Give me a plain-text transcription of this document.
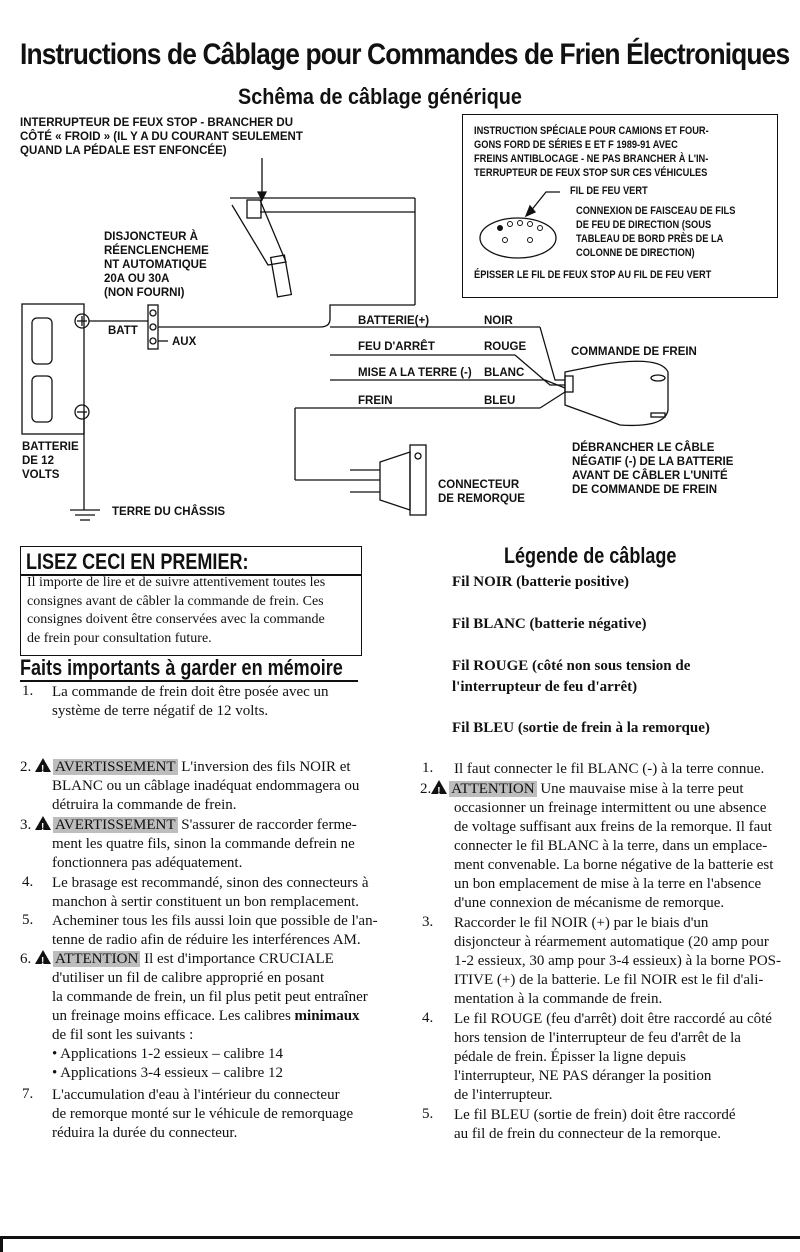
Instructions de Câblage pour Commandes de Frien Électroniques
Schêma de câblage générique
INTERRUPTEUR DE FEUX STOP - BRANCHER DU
CÔTÉ « FROID » (IL Y A DU COURANT SEULEMENT
QUAND LA PÉDALE EST ENFONCÉE)
DISJONCTEUR À
RÉENCLENCHEME
NT AUTOMATIQUE
20A OU 30A
(NON FOURNI)
BATT
AUX
BATTERIE
DE 12
VOLTS
TERRE DU CHÂSSIS
BATTERIE(+)	NOIR
FEU D'ARRÊT	ROUGE
MISE A LA TERRE (-) BLANC
FREIN	BLEU
COMMANDE DE FREIN
DÉBRANCHER LE CÂBLE
NÉGATIF (-) DE LA BATTERIE
AVANT DE CÂBLER L'UNITÉ
DE COMMANDE DE FREIN
CONNECTEUR
DE REMORQUE
INSTRUCTION SPÉCIALE POUR CAMIONS ET FOUR-
GONS FORD DE SÉRIES E ET F 1989-91 AVEC
FREINS ANTIBLOCAGE - NE PAS BRANCHER À L'IN-
TERRUPTEUR DE FEUX STOP SUR CES VÉHICULES
FIL DE FEU VERT
CONNEXION DE FAISCEAU DE FILS
DE FEU DE DIRECTION (SOUS
TABLEAU DE BORD PRÈS DE LA
COLONNE DE DIRECTION)
ÉPISSER LE FIL DE FEUX STOP AU FIL DE FEU VERT
LISEZ CECI EN PREMIER:
Il importe de lire et de suivre attentivement toutes les
consignes avant de câbler la commande de frein. Ces
consignes doivent être conservées avec la commande
de frein pour consultation future.
Faits importants à garder en mémoire
1. La commande de frein doit être posée avec un
système de terre négatif de 12 volts.
2. ! AVERTISSEMENT L'inversion des fils NOIR et
BLANC ou un câblage inadéquat endommagera ou
détruira la commande de frein.
3. ! AVERTISSEMENT S'assurer de raccorder ferme-
ment les quatre fils, sinon la commande defrein ne
fonctionnera pas adéquatement.
4. Le brasage est recommandé, sinon des connecteurs à
manchon à sertir constituent un bon remplacement.
5. Acheminer tous les fils aussi loin que possible de l'an-
tenne de radio afin de réduire les interférences AM.
6. ! ATTENTION Il est d'importance CRUCIALE
d'utiliser un fil de calibre approprié en posant
la commande de frein, un fil plus petit peut entraîner
un freinage moins efficace. Les calibres minimaux
de fil sont les suivants :
• Applications 1-2 essieux – calibre 14
• Applications 3-4 essieux – calibre 12
7. L'accumulation d'eau à l'intérieur du connecteur
de remorque monté sur le véhicule de remorquage
réduira la durée du connecteur.
Légende de câblage
Fil NOIR (batterie positive)
Fil BLANC (batterie négative)
Fil ROUGE (côté non sous tension de
l'interrupteur de feu d'arrêt)
Fil BLEU (sortie de frein à la remorque)
1. Il faut connecter le fil BLANC (-) à la terre connue.
2. ! ATTENTION Une mauvaise mise à la terre peut
occasionner un freinage intermittent ou une absence
de voltage suffisant aux freins de la remorque. Il faut
connecter le fil BLANC à la terre, dans un emplace-
ment convenable. La borne négative de la batterie est
un bon emplacement de mise à la terre en l'absence
d'une connexion de mécanisme de remorque.
3. Raccorder le fil NOIR (+) par le biais d'un
disjoncteur à réarmement automatique (20 amp pour
1-2 essieux, 30 amp pour 3-4 essieux) à la borne POS-
ITIVE (+) de la batterie. Le fil NOIR est le fil d'ali-
mentation à la commande de frein.
4. Le fil ROUGE (feu d'arrêt) doit être raccordé au côté
hors tension de l'interrupteur de feu d'arrêt de la
pédale de frein. Épisser la ligne depuis
l'interrupteur, NE PAS déranger la position
de l'interrupteur.
5. Le fil BLEU (sortie de frein) doit être raccordé
au fil de frein du connecteur de la remorque.
